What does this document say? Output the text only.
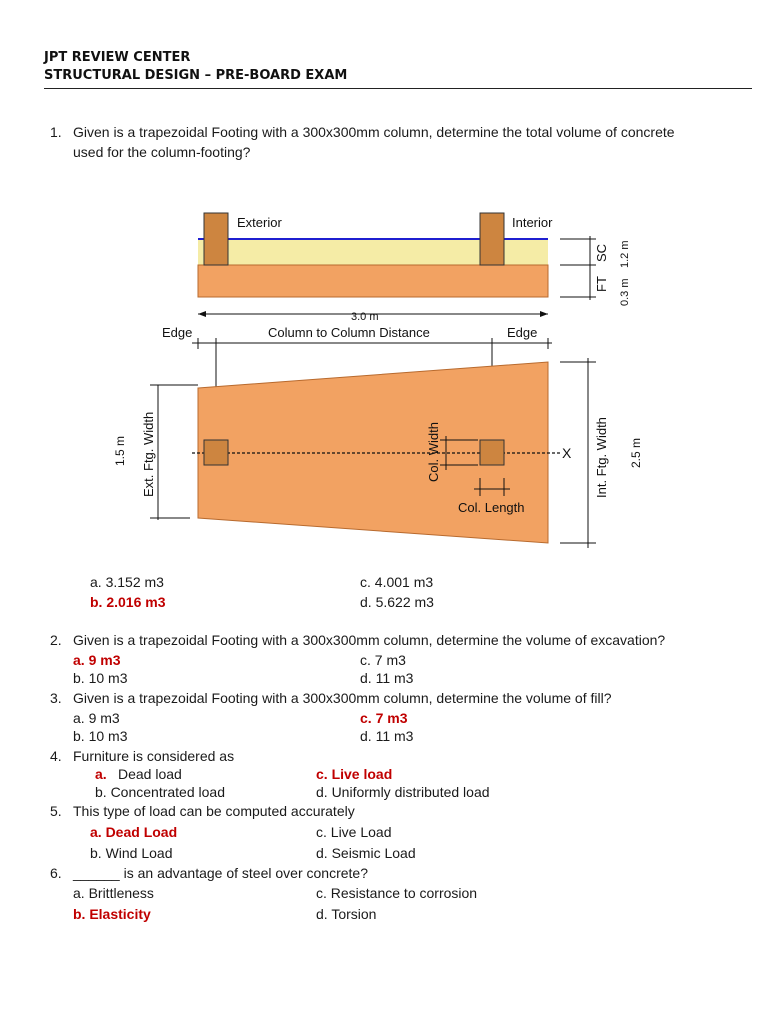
JPT REVIEW CENTER
STRUCTURAL DESIGN – PRE-BOARD EXAM
1. Given is a trapezoidal Footing with a 300x300mm column, determine the total volume of concrete
used for the column-footing?
Exterior	Interior
SC
FT
1.2 m
0.3 m
3.0 m
Edge	Column to Column Distance	Edge
X
1.5 m Ext. Ftg. Width	Int. Ftg. Width 2.5 m
Col. Width
Col. Length
a. 3.152 m3
b. 2.016 m3
c. 4.001 m3
d. 5.622 m3
2. Given is a trapezoidal Footing with a 300x300mm column, determine the volume of excavation?
a. 9 m3
b. 10 m3
c. 7 m3
d. 11 m3
3. Given is a trapezoidal Footing with a 300x300mm column, determine the volume of fill?
a. 9 m3
b. 10 m3
c. 7 m3
d. 11 m3
4. Furniture is considered as
a. Dead load
b. Concentrated load
c. Live load
d. Uniformly distributed load
5. This type of load can be computed accurately
a. Dead Load
b. Wind Load
c. Live Load
d. Seismic Load
6. ______ is an advantage of steel over concrete?
a. Brittleness
b. Elasticity
c. Resistance to corrosion
d. Torsion
